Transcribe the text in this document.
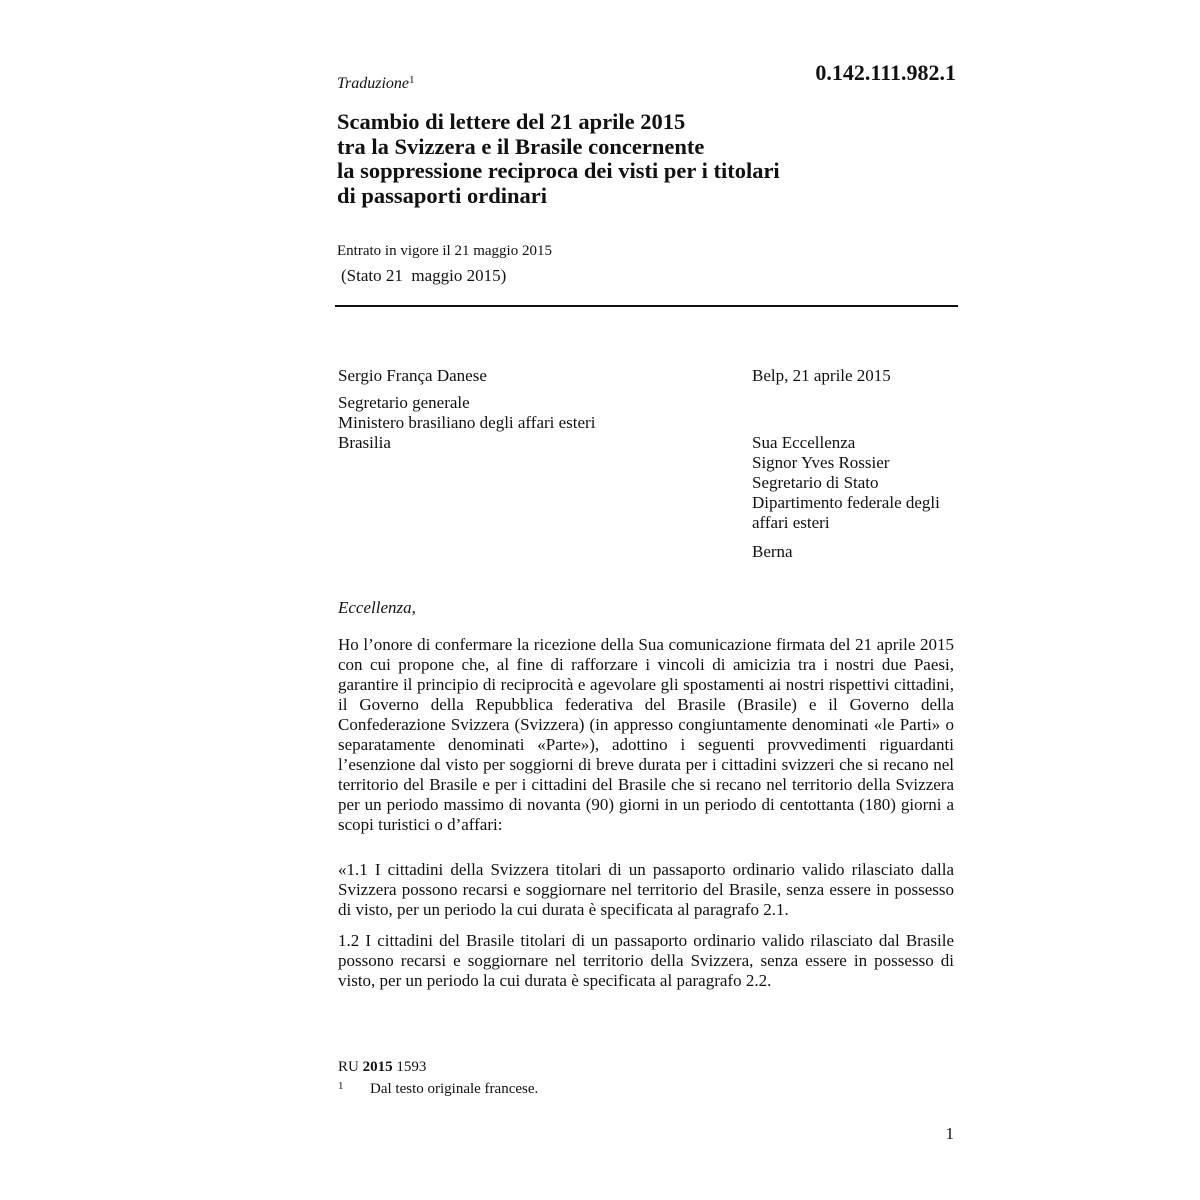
Traduzione$^1$	0.142.111.982.1
Scambio di lettere del 21 aprile 2015
tra la Svizzera e il Brasile concernente
la soppressione reciproca dei visti per i titolari
di passaporti ordinari
Entrato in vigore il 21 maggio 2015
(Stato 21  maggio 2015)
Sergio França Danese
Segretario generale
Ministero brasiliano degli affari esteri
Brasilia
Belp, 21 aprile 2015
Sua Eccellenza
Signor Yves Rossier
Segretario di Stato
Dipartimento federale degli
affari esteri
Berna
Eccellenza,
Ho l’onore di confermare la ricezione della Sua comunicazione firmata del 21 aprile 2015 con cui propone che, al fine di rafforzare i vincoli di amicizia tra i nostri due Paesi, garantire il principio di reciprocità e agevolare gli spostamenti ai nostri rispettivi cittadini, il Governo della Repubblica federativa del Brasile (Brasile) e il Governo della Confederazione Svizzera (Svizzera) (in appresso congiuntamente denominati «le Parti» o separatamente denominati «Parte»), adottino i seguenti provvedimenti riguardanti l’esenzione dal visto per soggiorni di breve durata per i cittadini svizzeri che si recano nel territorio del Brasile e per i cittadini del Brasile che si recano nel territorio della Svizzera per un periodo massimo di novanta (90) giorni in un periodo di centottanta (180) giorni a scopi turistici o d’affari:
«1.1 I cittadini della Svizzera titolari di un passaporto ordinario valido rilasciato dalla Svizzera possono recarsi e soggiornare nel territorio del Brasile, senza essere in possesso di visto, per un periodo la cui durata è specificata al paragrafo 2.1.
1.2 I cittadini del Brasile titolari di un passaporto ordinario valido rilasciato dal Brasile possono recarsi e soggiornare nel territorio della Svizzera, senza essere in possesso di visto, per un periodo la cui durata è specificata al paragrafo 2.2.
RU 2015 1593
1 Dal testo originale francese.
1
